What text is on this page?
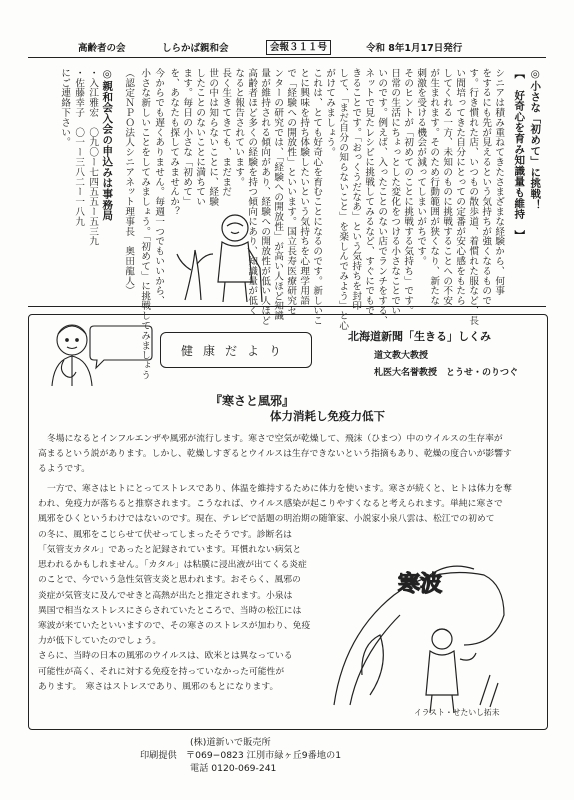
高齢者の会	しらかば親和会	会報３１１号	令和 8年1月17日発行
◎小さな「初めて」に挑戦！
【　好奇心を育み知識量も維持　】
シニアは積み重ねてきたさまざまな経験から、何事
をするにも先が見えるという気持ちが強くなるもので
す。行き慣れた店、いつもの散歩道、着慣れた服など、長
い間培ってきた自分にとっての定番が安心感をもたら
してくれる一方、未知のものに挑戦することへの不安
が生まれます。そのため行動範囲が狭くなり、新たな
刺激を受ける機会が減ってしまいがちです。
そのヒントが「初めてのことに挑戦する気持ち」です。
日常の生活にちょっとした変化をつける小さなことでい
いのです。例えば、入ったことのない店でランチをする、
ネットで見たレシピに挑戦してみるなど、すぐにでもで
きることです。「おっくうだなあ」という気持ちを封印
して、「まだ自分の知らないこと」を楽しんでみよう」と心
がけてみましょう。
これは、とても好奇心を育むことになるのです。新しいこ
とに興味を持ち体験したいという気持ちを心理学用語
で「経験への開放性」といいます。国立長寿医療研究セ
ンターの研究では、「経験への開放性」が高い人ほど知識
量が維持される傾向があり、経験への開放性が低い人ほど
高齢者ほど多くの経験を持つ傾向にあり、知識量が低く
なると報告されています。
長く生きてきても、まだまだ
世の中は知らないことに、経験
したことのないことに満ちてい
ます。毎日の小さな「初めて」
を、あなたも探してみませんか？
今からでも遅くありません。毎週一つでもいいから、
小さな新しいことをしてみましょう。「初めて」に挑戦してみましょう
（認定ＮＰＯ法人シニアネット理事長　奥田龍人）
◎親和会入会の申込みは事務局
・入江雅宏　〇九〇ー七四五五ー五三九
・佐藤幸子　〇一ー三八二ー一八九
にご連絡下さい。
健康だより
北海道新聞「生きる」しくみ
道文教大教授
札医大名誉教授　とうせ・のりつぐ
『寒さと風邪』
体力消耗し免疫力低下
冬場になるとインフルエンザや風邪が流行します。寒さで空気が乾燥して、飛沫（ひまつ）中のウイルスの生存率が
高まるという説があります。しかし、乾燥しすぎるとウイルスは生存できないという指摘もあり、乾燥の度合いが影響す
るようです。
一方で、寒さはヒトにとってストレスであり、体温を維持するために体力を使います。寒さが続くと、ヒトは体力を奪
われ、免疫力が落ちると推察されます。こうなれば、ウイルス感染が起こりやすくなると考えられます。単純に寒さで
風邪をひくというわけではないのです。現在、テレビで話題の明治期の随筆家、小説家小泉八雲は、松江での初めて
の冬に、風邪をこじらせて伏せってしまったそうです。診断名は
「気管支カタル」であったと記録されています。耳慣れない病気と
思われるかもしれません。「カタル」は粘膜に浸出液が出てくる炎症
のことで、今でいう急性気管支炎と思われます。おそらく、風邪の
炎症が気管支に及んでせきと高熱が出たと推定されます。小泉は
異国で相当なストレスにさらされていたところで、当時の松江には
寒波が来ていたといいますので、その寒さのストレスが加わり、免疫
力が低下していたのでしょう。
さらに、当時の日本の風邪のウイルスは、欧米とは異なっている
可能性が高く、それに対する免疫を持っていなかった可能性が
あります。　寒さはストレスであり、風邪のもとになります。
寒波
イラスト・せたいし拓未
(株)道新いで販売所
印刷提供　〒069−0823 江別市緑ヶ丘9番地の1
電話 0120-069-241
